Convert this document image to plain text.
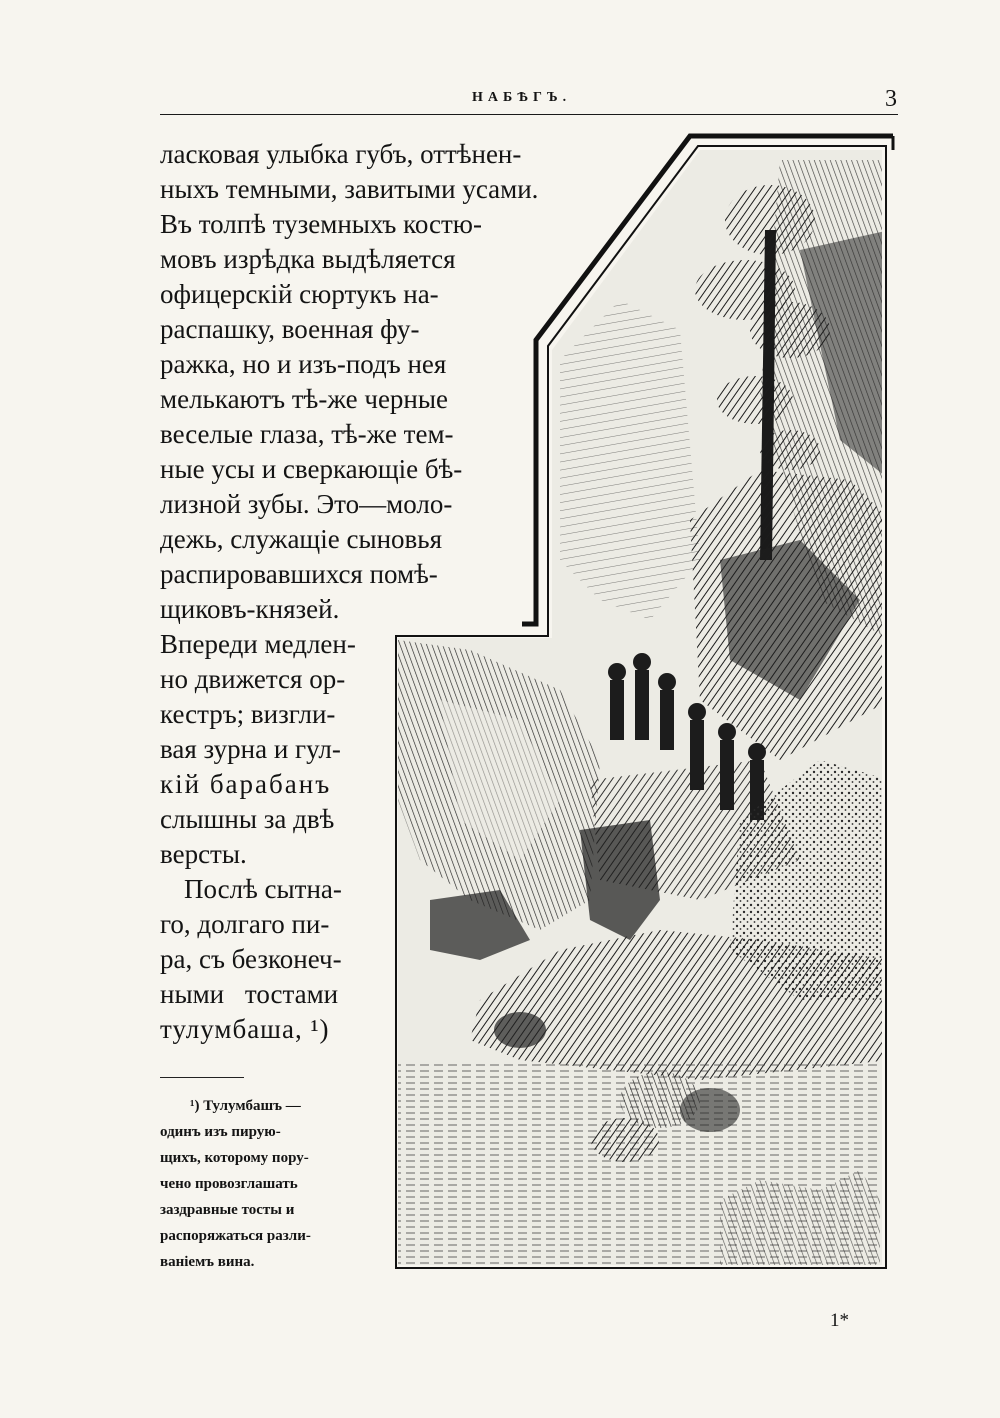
НАБѢГЪ.	3
ласковая улыбка губъ, оттѣнен-
ныхъ темными, завитыми усами.
Въ толпѣ туземныхъ костю-
мовъ изрѣдка выдѣляется
офицерскій сюртукъ на-
распашку, военная фу-
ражка, но и изъ-подъ нея
мелькаютъ тѣ-же черные
веселые глаза, тѣ-же тем-
ные усы и сверкающіе бѣ-
лизной зубы. Это—моло-
дежь, служащіе сыновья
распировавшихся помѣ-
щиковъ-князей.
Впереди медлен-
но движется ор-
кестръ; визгли-
вая зурна и гул-
кій барабанъ
слышны за двѣ
версты.
Послѣ сытна-
го, долгаго пи-
ра, съ безконеч-
ными тостами
тулумбаша, ¹)
¹) Тулумбашъ —
одинъ изъ пирую-
щихъ, которому пору-
чено провозглашать
заздравные тосты и
распоряжаться разли-
ваніемъ вина.
1*
